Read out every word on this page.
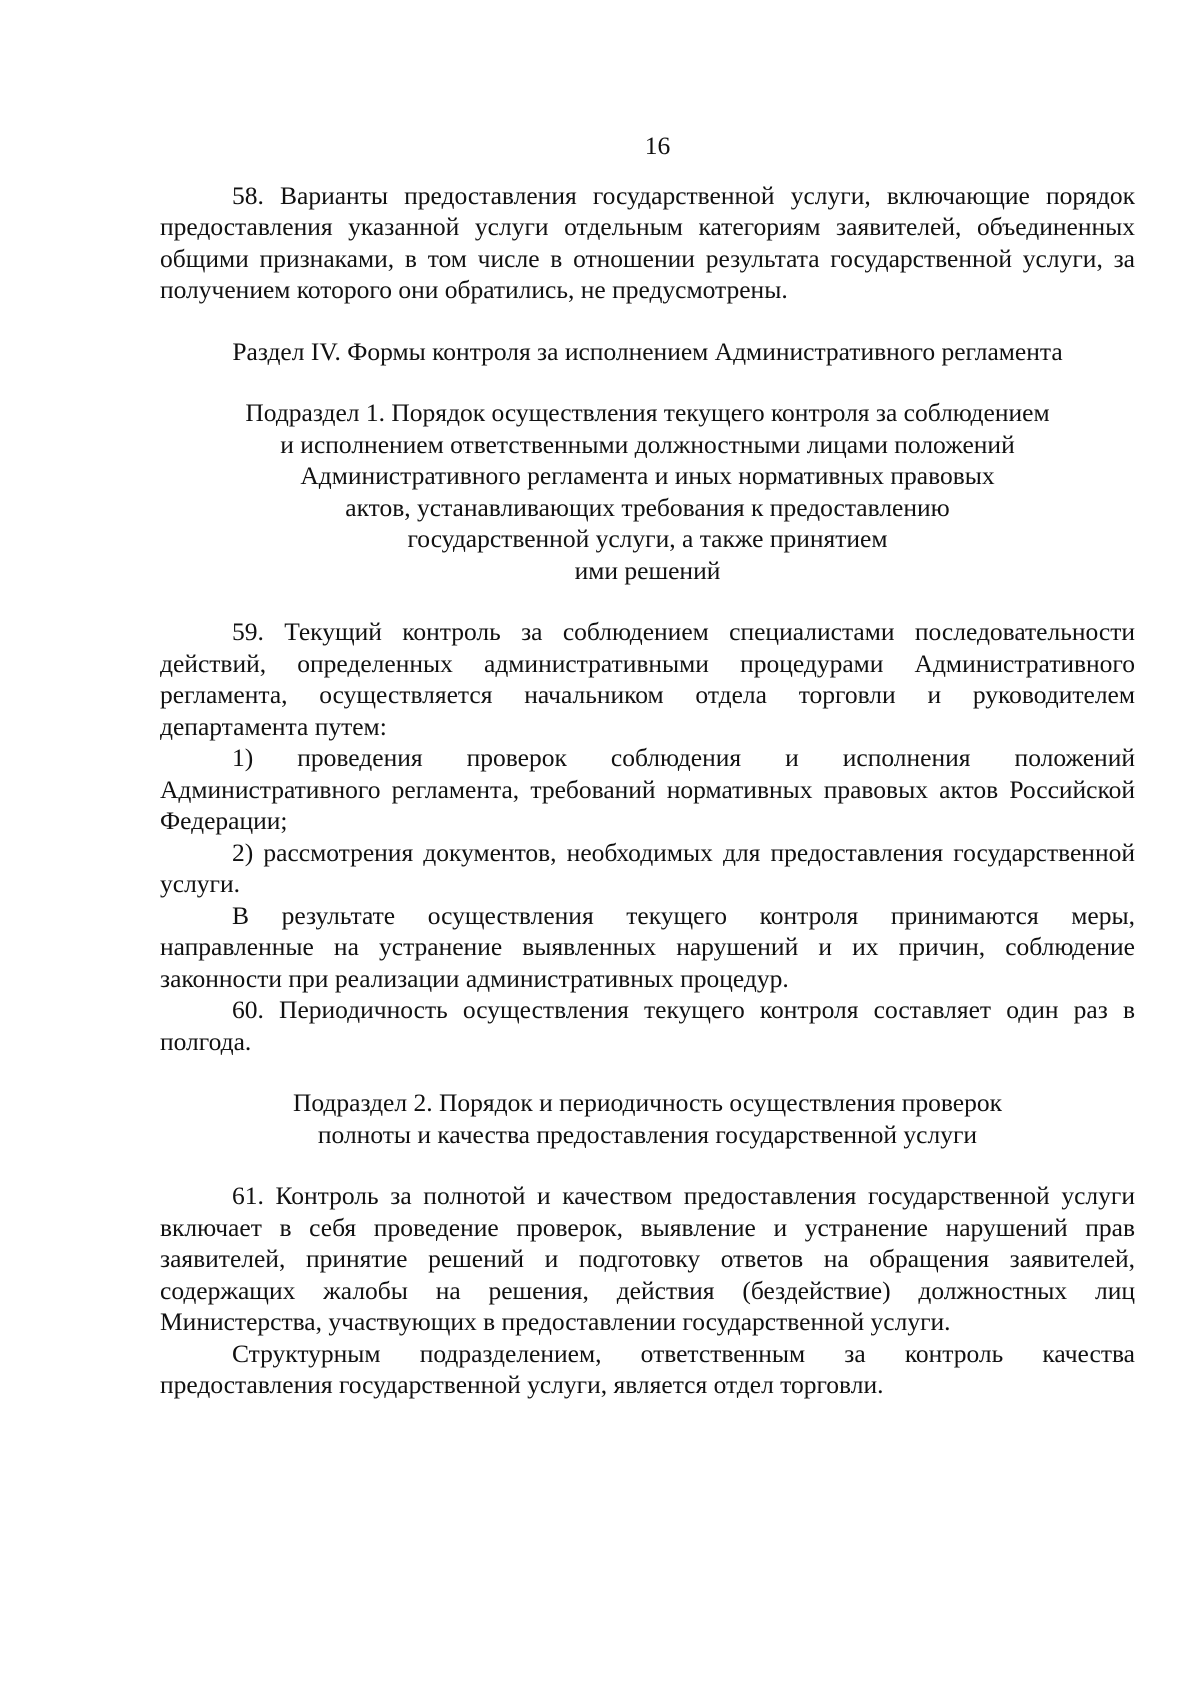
16

58. Варианты предоставления государственной услуги, включающие порядок предоставления указанной услуги отдельным категориям заявителей, объединенных общими признаками, в том числе в отношении результата государственной услуги, за получением которого они обратились, не предусмотрены.

Раздел IV. Формы контроля за исполнением Административного регламента
Подраздел 1. Порядок осуществления текущего контроля за соблюдением
и исполнением ответственными должностными лицами положений
Административного регламента и иных нормативных правовых
актов, устанавливающих требования к предоставлению
государственной услуги, а также принятием
ими решений

59. Текущий контроль за соблюдением специалистами последовательности действий, определенных административными процедурами Административного регламента, осуществляется начальником отдела торговли и руководителем департамента путем:

1) проведения проверок соблюдения и исполнения положений Административного регламента, требований нормативных правовых актов Российской Федерации;

2) рассмотрения документов, необходимых для предоставления государственной услуги.

В результате осуществления текущего контроля принимаются меры, направленные на устранение выявленных нарушений и их причин, соблюдение законности при реализации административных процедур.

60. Периодичность осуществления текущего контроля составляет один раз в полгода.

Подраздел 2. Порядок и периодичность осуществления проверок
полноты и качества предоставления государственной услуги

61. Контроль за полнотой и качеством предоставления государственной услуги включает в себя проведение проверок, выявление и устранение нарушений прав заявителей, принятие решений и подготовку ответов на обращения заявителей, содержащих жалобы на решения, действия (бездействие) должностных лиц Министерства, участвующих в предоставлении государственной услуги.

Структурным подразделением, ответственным за контроль качества предоставления государственной услуги, является отдел торговли.
